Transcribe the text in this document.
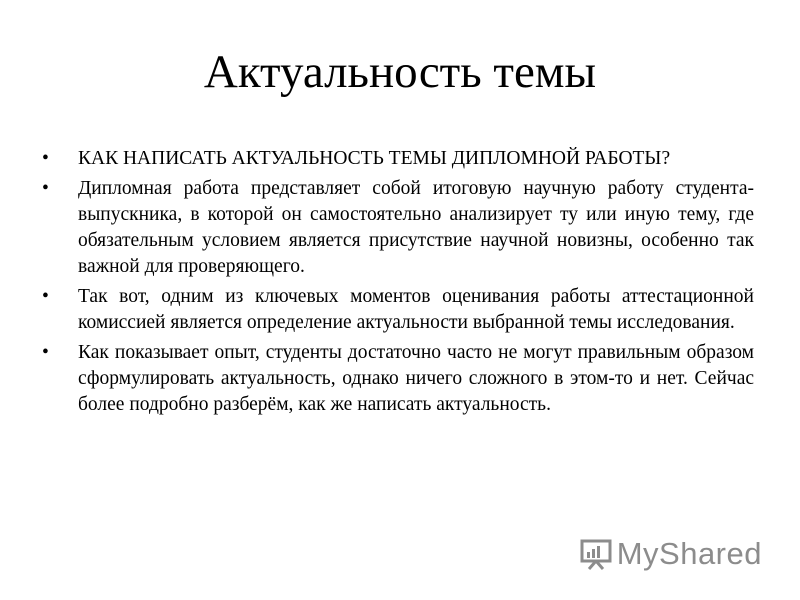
Актуальность темы
•	КАК НАПИСАТЬ АКТУАЛЬНОСТЬ ТЕМЫ ДИПЛОМНОЙ РАБОТЫ?
•	Дипломная работа представляет собой итоговую научную работу студента-выпускника, в которой он самостоятельно анализирует ту или иную тему, где обязательным условием является присутствие научной новизны, особенно так важной для проверяющего.
•	Так вот, одним из ключевых моментов оценивания работы аттестационной комиссией является определение актуальности выбранной темы исследования.
•	Как показывает опыт, студенты достаточно часто не могут правильным образом сформулировать актуальность, однако ничего сложного в этом-то и нет. Сейчас более подробно разберём, как же написать актуальность.
MyShared
